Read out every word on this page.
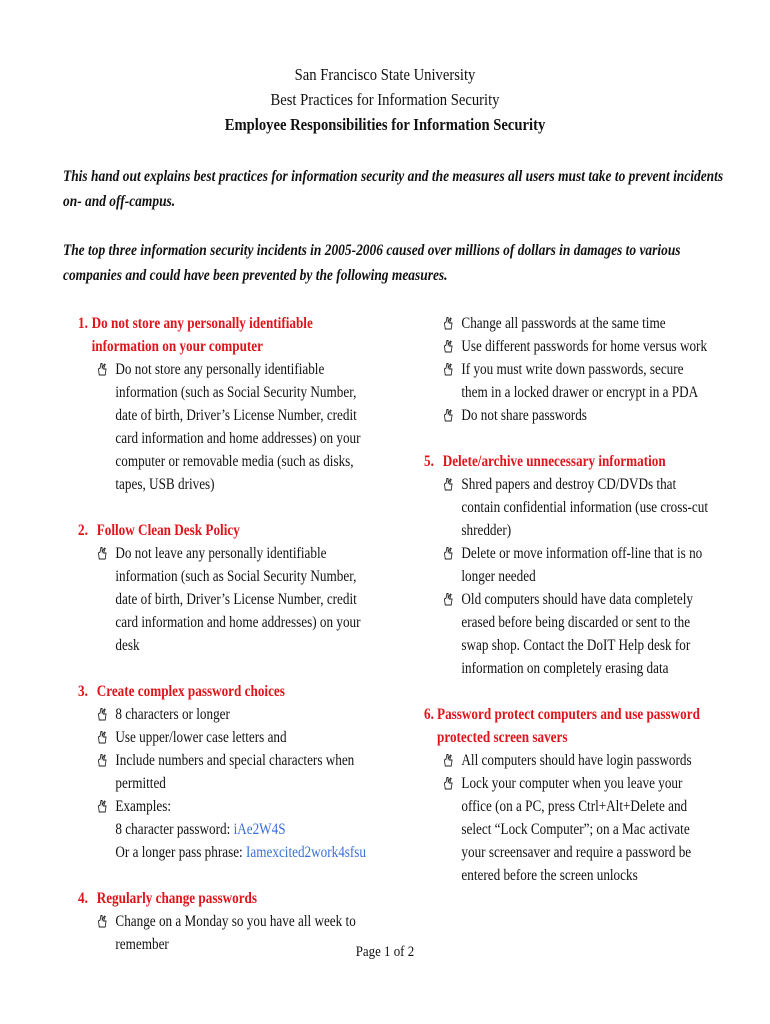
San Francisco State University
Best Practices for Information Security
Employee Responsibilities for Information Security
This hand out explains best practices for information security and the measures all users must take to prevent incidents on- and off-campus.
The top three information security incidents in 2005-2006 caused over millions of dollars in damages to various companies and could have been prevented by the following measures.
1. Do not store any personally identifiable information on your computer
Do not store any personally identifiable information (such as Social Security Number, date of birth, Driver’s License Number, credit card information and home addresses) on your computer or removable media (such as disks, tapes, USB drives)
2. Follow Clean Desk Policy
Do not leave any personally identifiable information (such as Social Security Number, date of birth, Driver’s License Number, credit card information and home addresses) on your desk
3. Create complex password choices
8 characters or longer
Use upper/lower case letters and
Include numbers and special characters when permitted
Examples:
8 character password: iAe2W4S
Or a longer pass phrase: Iamexcited2work4sfsu
4. Regularly change passwords
Change on a Monday so you have all week to remember
Change all passwords at the same time
Use different passwords for home versus work
If you must write down passwords, secure them in a locked drawer or encrypt in a PDA
Do not share passwords
5. Delete/archive unnecessary information
Shred papers and destroy CD/DVDs that contain confidential information (use cross-cut shredder)
Delete or move information off-line that is no longer needed
Old computers should have data completely erased before being discarded or sent to the swap shop. Contact the DoIT Help desk for information on completely erasing data
6. Password protect computers and use password protected screen savers
All computers should have login passwords
Lock your computer when you leave your office (on a PC, press Ctrl+Alt+Delete and select “Lock Computer”; on a Mac activate your screensaver and require a password be entered before the screen unlocks
Page 1 of 2
